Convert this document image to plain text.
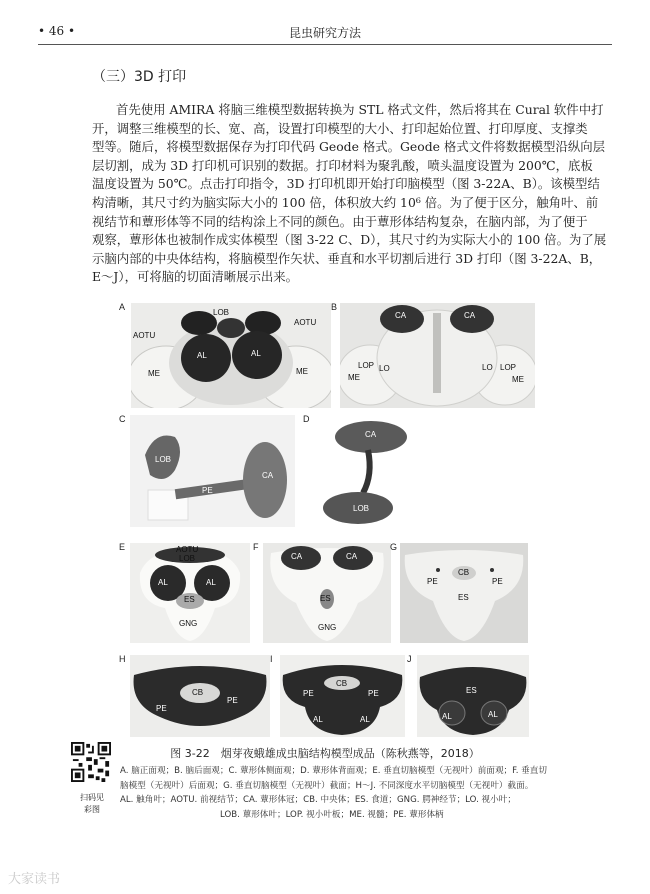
• 46 •	昆虫研究方法
（三）3D 打印
首先使用 AMIRA 将脑三维模型数据转换为 STL 格式文件，然后将其在 Cural 软件中打
开，调整三维模型的长、宽、高，设置打印模型的大小、打印起始位置、打印厚度、支撑类
型等。随后，将模型数据保存为打印代码 Geode 格式。Geode 格式文件将数据模型沿纵向层
层切割，成为 3D 打印机可识别的数据。打印材料为聚乳酸，喷头温度设置为 200℃，底板
温度设置为 50℃。点击打印指令，3D 打印机即开始打印脑模型（图 3-22A、B）。该模型结
构清晰，其尺寸约为脑实际大小的 100 倍，体积放大约 10⁶ 倍。为了便于区分，触角叶、前
视结节和蕈形体等不同的结构涂上不同的颜色。由于蕈形体结构复杂，在脑内部，为了便于
观察，蕈形体也被制作成实体模型（图 3-22 C、D），其尺寸约为实际大小的 100 倍。为了展
示脑内部的中央体结构，将脑模型作矢状、垂直和水平切割后进行 3D 打印（图 3-22A、B，
E～J），可将脑的切面清晰展示出来。
LOB
AOTU
AOTU
AL	AL
ME	ME
A
CA	CA
LOP LO
ME
LO LOP
ME
B
LOB
PE
CA
C
CA
LOB
D
AOTU
LOB
AL	AL
ES
GNG
E
CA	CA
ES
GNG
F
CB
PE	PE
ES
G
CB
PE
PE
H
CB
PE	PE
AL	AL
I
ES
AL	AL
J
扫码见
彩图
图 3-22　烟芽夜蛾雄成虫脑结构模型成品（陈秋燕等，2018）
A. 脑正面观；B. 脑后面观；C. 蕈形体侧面观；D. 蕈形体背面观；E. 垂直切脑模型（无视叶）前面观；F. 垂直切
脑模型（无视叶）后面观；G. 垂直切脑模型（无视叶）截面；H～J. 不同深度水平切脑模型（无视叶）截面。
AL. 触角叶；AOTU. 前视结节；CA. 蕈形体冠；CB. 中央体；ES. 食道；GNG. 腭神经节；LO. 视小叶；
LOB. 蕈形体叶；LOP. 视小叶板；ME. 视髓；PE. 蕈形体柄
大家读书
